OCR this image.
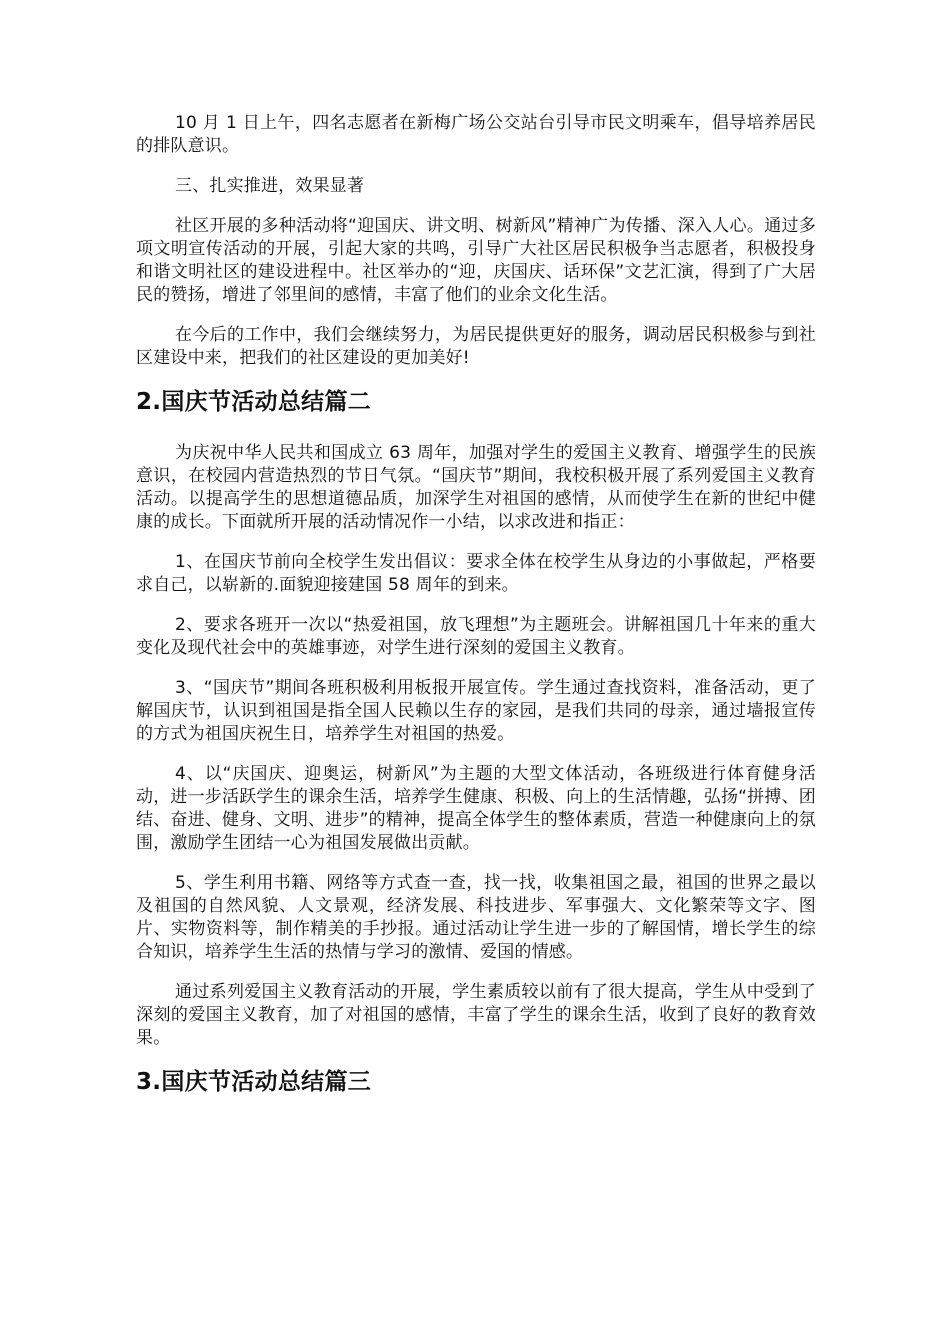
10 月 1 日上午，四名志愿者在新梅广场公交站台引导市民文明乘车，倡导培养居民的排队意识。

三、扎实推进，效果显著

社区开展的多种活动将“迎国庆、讲文明、树新风”精神广为传播、深入人心。通过多项文明宣传活动的开展，引起大家的共鸣，引导广大社区居民积极争当志愿者，积极投身和谐文明社区的建设进程中。社区举办的“迎，庆国庆、话环保”文艺汇演，得到了广大居民的赞扬，增进了邻里间的感情，丰富了他们的业余文化生活。

在今后的工作中，我们会继续努力，为居民提供更好的服务，调动居民积极参与到社区建设中来，把我们的社区建设的更加美好!

2.国庆节活动总结篇二

为庆祝中华人民共和国成立 63 周年，加强对学生的爱国主义教育、增强学生的民族意识，在校园内营造热烈的节日气氛。“国庆节”期间，我校积极开展了系列爱国主义教育活动。以提高学生的思想道德品质，加深学生对祖国的感情，从而使学生在新的世纪中健康的成长。下面就所开展的活动情况作一小结，以求改进和指正：

1、在国庆节前向全校学生发出倡议：要求全体在校学生从身边的小事做起，严格要求自己，以崭新的.面貌迎接建国 58 周年的到来。

2、要求各班开一次以“热爱祖国，放飞理想”为主题班会。讲解祖国几十年来的重大变化及现代社会中的英雄事迹，对学生进行深刻的爱国主义教育。

3、“国庆节”期间各班积极利用板报开展宣传。学生通过查找资料，准备活动，更了解国庆节，认识到祖国是指全国人民赖以生存的家园，是我们共同的母亲，通过墙报宣传的方式为祖国庆祝生日，培养学生对祖国的热爱。

4、以“庆国庆、迎奥运，树新风”为主题的大型文体活动，各班级进行体育健身活动，进一步活跃学生的课余生活，培养学生健康、积极、向上的生活情趣，弘扬“拼搏、团结、奋进、健身、文明、进步”的精神，提高全体学生的整体素质，营造一种健康向上的氛围，激励学生团结一心为祖国发展做出贡献。

5、学生利用书籍、网络等方式查一查，找一找，收集祖国之最，祖国的世界之最以及祖国的自然风貌、人文景观，经济发展、科技进步、军事强大、文化繁荣等文字、图片、实物资料等，制作精美的手抄报。通过活动让学生进一步的了解国情，增长学生的综合知识，培养学生生活的热情与学习的激情、爱国的情感。

通过系列爱国主义教育活动的开展，学生素质较以前有了很大提高，学生从中受到了深刻的爱国主义教育，加了对祖国的感情，丰富了学生的课余生活，收到了良好的教育效果。

3.国庆节活动总结篇三
